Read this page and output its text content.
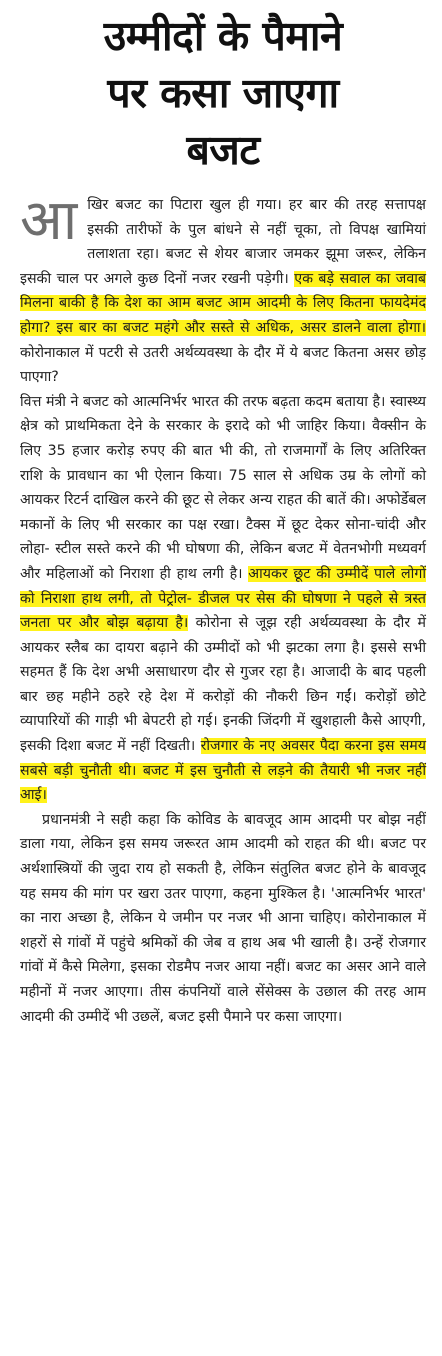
उम्मीदों के पैमाने
पर कसा जाएगा
बजट

आखिर बजट का पिटारा खुल ही गया। हर बार की तरह सत्तापक्ष इसकी तारीफों के पुल बांधने से नहीं चूका, तो विपक्ष खामियां तलाशता रहा। बजट से शेयर बाजार जमकर झूमा जरूर, लेकिन इसकी चाल पर अगले कुछ दिनों नजर रखनी पड़ेगी। एक बड़े सवाल का जवाब मिलना बाकी है कि देश का आम बजट आम आदमी के लिए कितना फायदेमंद होगा? इस बार का बजट महंगे और सस्ते से अधिक, असर डालने वाला होगा। कोरोनाकाल में पटरी से उतरी अर्थव्यवस्था के दौर में ये बजट कितना असर छोड़ पाएगा?

वित्त मंत्री ने बजट को आत्मनिर्भर भारत की तरफ बढ़ता कदम बताया है। स्वास्थ्य क्षेत्र को प्राथमिकता देने के सरकार के इरादे को भी जाहिर किया। वैक्सीन के लिए 35 हजार करोड़ रुपए की बात भी की, तो राजमार्गों के लिए अतिरिक्त राशि के प्रावधान का भी ऐलान किया। 75 साल से अधिक उम्र के लोगों को आयकर रिटर्न दाखिल करने की छूट से लेकर अन्य राहत की बातें की। अफोर्डेबल मकानों के लिए भी सरकार का पक्ष रखा। टैक्स में छूट देकर सोना-चांदी और लोहा- स्टील सस्ते करने की भी घोषणा की, लेकिन बजट में वेतनभोगी मध्यवर्ग और महिलाओं को निराशा ही हाथ लगी है। आयकर छूट की उम्मीदें पाले लोगों को निराशा हाथ लगी, तो पेट्रोल- डीजल पर सेस की घोषणा ने पहले से त्रस्त जनता पर और बोझ बढ़ाया है। कोरोना से जूझ रही अर्थव्यवस्था के दौर में आयकर स्लैब का दायरा बढ़ाने की उम्मीदों को भी झटका लगा है। इससे सभी सहमत हैं कि देश अभी असाधारण दौर से गुजर रहा है। आजादी के बाद पहली बार छह महीने ठहरे रहे देश में करोड़ों की नौकरी छिन गईं। करोड़ों छोटे व्यापारियों की गाड़ी भी बेपटरी हो गई। इनकी जिंदगी में खुशहाली कैसे आएगी, इसकी दिशा बजट में नहीं दिखती। रोजगार के नए अवसर पैदा करना इस समय सबसे बड़ी चुनौती थी। बजट में इस चुनौती से लड़ने की तैयारी भी नजर नहीं आई।

प्रधानमंत्री ने सही कहा कि कोविड के बावजूद आम आदमी पर बोझ नहीं डाला गया, लेकिन इस समय जरूरत आम आदमी को राहत की थी। बजट पर अर्थशास्त्रियों की जुदा राय हो सकती है, लेकिन संतुलित बजट होने के बावजूद यह समय की मांग पर खरा उतर पाएगा, कहना मुश्किल है। 'आत्मनिर्भर भारत' का नारा अच्छा है, लेकिन ये जमीन पर नजर भी आना चाहिए। कोरोनाकाल में शहरों से गांवों में पहुंचे श्रमिकों की जेब व हाथ अब भी खाली है। उन्हें रोजगार गांवों में कैसे मिलेगा, इसका रोडमैप नजर आया नहीं। बजट का असर आने वाले महीनों में नजर आएगा। तीस कंपनियों वाले सेंसेक्स के उछाल की तरह आम आदमी की उम्मीदें भी उछलें, बजट इसी पैमाने पर कसा जाएगा।
